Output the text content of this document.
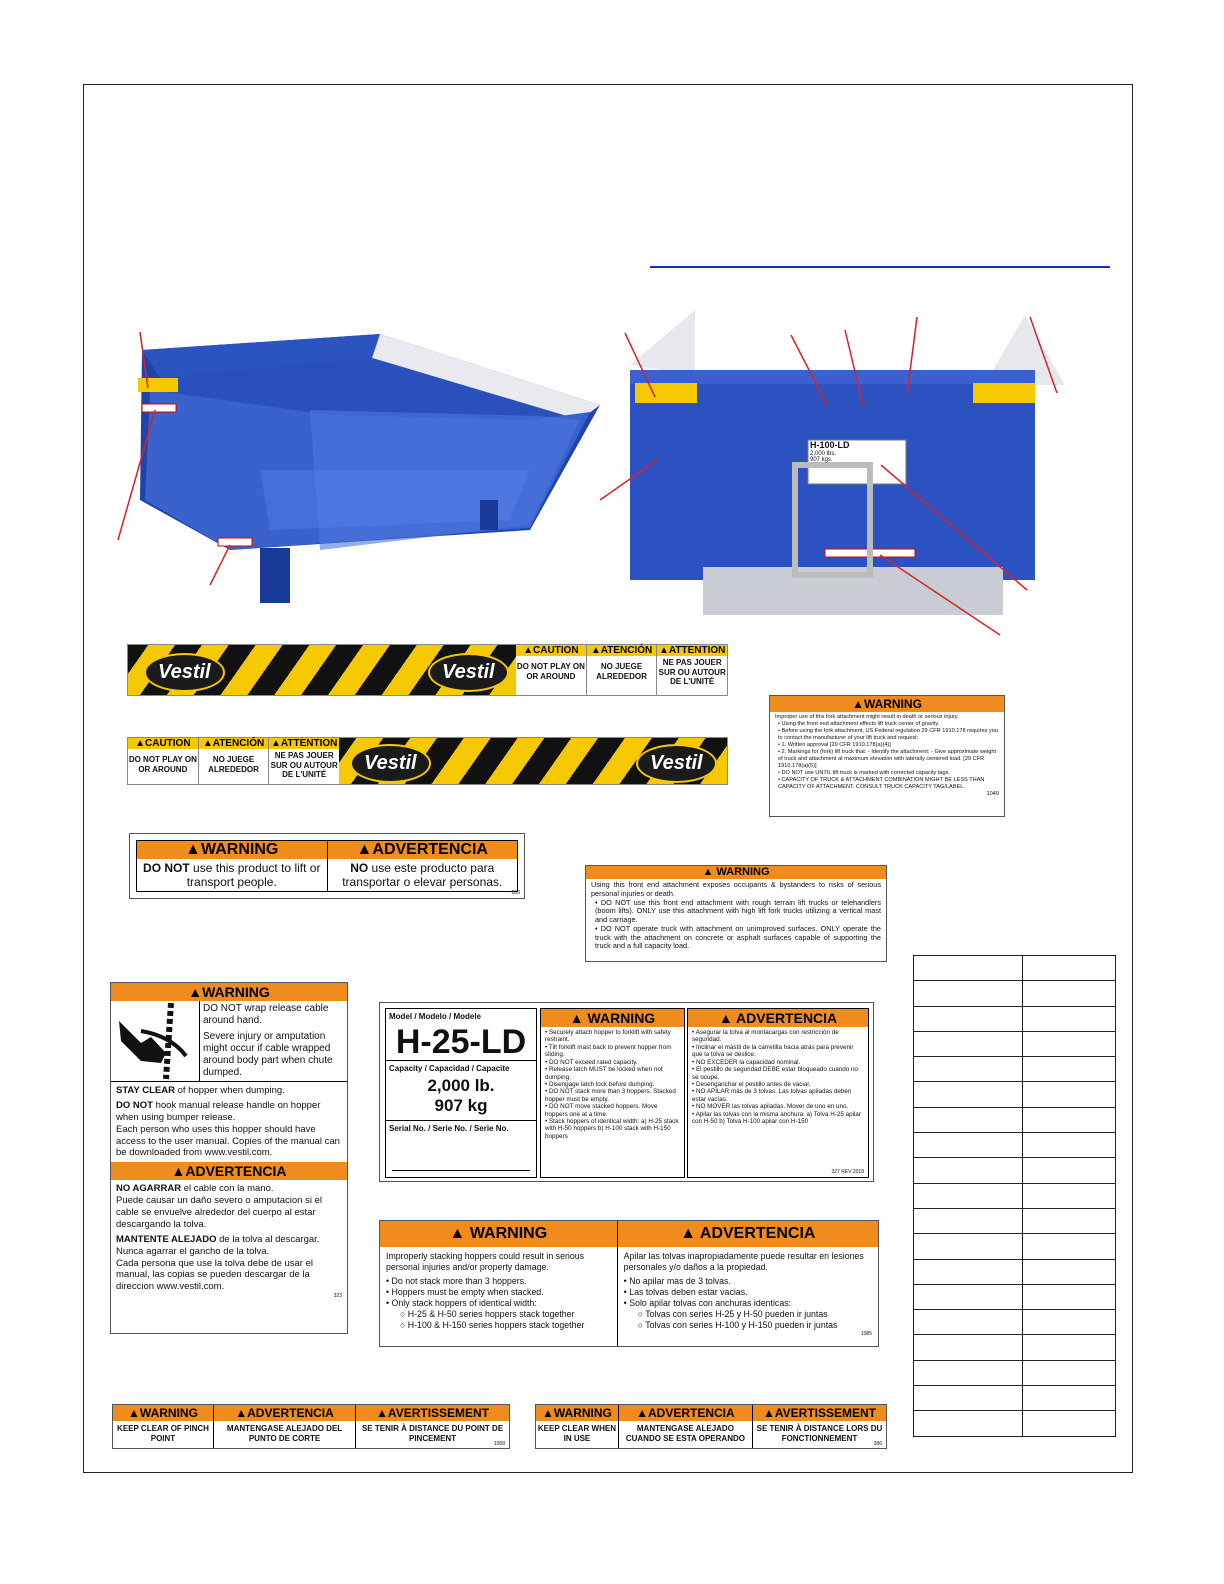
H-100-LD
2,000 lbs.
907 kgs.
Vestil	Vestil
▲CAUTION
DO NOT PLAY ON OR AROUND
▲ATENCIÓN
NO JUEGE ALREDEDOR
▲ATTENTION
NE PAS JOUER SUR OU AUTOUR DE L'UNITÉ
▲CAUTION
DO NOT PLAY ON OR AROUND
▲ATENCIÓN
NO JUEGE ALREDEDOR
▲ATTENTION
NE PAS JOUER SUR OU AUTOUR DE L'UNITÉ
Vestil	Vestil
▲WARNING
Improper use of this fork attachment might result in death or serious injury.
• Using the front end attachment effects lift truck center of gravity.
• Before using the fork attachment, US Federal regulation 29 CFR 1910.178 requires you to contact the manufacturer of your lift truck and request:
• 1. Written approval [29 CFR 1910.178(a)(4)]
• 2. Markings for (fork) lift truck that: - Identify the attachment; - Give approximate weight of truck and attachment at maximum elevation with laterally centered load. [29 CFR 1910.178(a)(5)]
• DO NOT use UNTIL lift truck is marked with corrected capacity tags.
• CAPACITY OF TRUCK & ATTACHMENT COMBINATION MIGHT BE LESS THAN CAPACITY OF ATTACHMENT. CONSULT TRUCK CAPACITY TAG/LABEL.
1049
▲WARNING
DO NOT use this product to lift or transport people.
▲ADVERTENCIA
NO use este producto para transportar o elevar personas.
003
▲ WARNING
Using this front end attachment exposes occupants & bystanders to risks of serious personal injuries or death.
• DO NOT use this front end attachment with rough terrain lift trucks or telehandlers (boom lifts). ONLY use this attachment with high lift fork trucks utilizing a vertical mast and carriage.
• DO NOT operate truck with attachment on unimproved surfaces. ONLY operate the truck with the attachment on concrete or asphalt surfaces capable of supporting the truck and a full capacity load.
▲WARNING
DO NOT wrap release cable around hand.
Severe injury or amputation might occur if cable wrapped around body part when chute dumped.
STAY CLEAR of hopper when dumping.
DO NOT hook manual release handle on hopper when using bumper release.
Each person who uses this hopper should have access to the user manual. Copies of the manual can be downloaded from www.vestil.com.
▲ADVERTENCIA
NO AGARRAR el cable con la mano.
Puede causar un daño severo o amputacion si el cable se envuelve alrededor del cuerpo al estar descargando la tolva.
MANTENTE ALEJADO de la tolva al descargar.
Nunca agarrar el gancho de la tolva.
Cada persona que use la tolva debe de usar el manual, las copias se pueden descargar de la direccion www.vestil.com.
323
Model / Modelo / Modele
H-25-LD
Capacity / Capacidad / Capacite
2,000 lb.
907 kg
Serial No. / Serie No. / Serie No.
▲ WARNING
• Securely attach hopper to forklift with safety restraint.
• Tilt forklift mast back to prevent hopper from sliding.
• DO NOT exceed rated capacity.
• Release latch MUST be locked when not dumping.
• Disengage latch lock before dumping.
• DO NOT stack more than 3 hoppers. Stacked hopper must be empty.
• DO NOT move stacked hoppers. Move hoppers one at a time.
• Stack hoppers of identical width: a) H-25 stack with H-50 hoppers b) H-100 stack with H-150 hoppers
▲ ADVERTENCIA
• Asegurar la tolva al montacargas con restricción de seguridad.
• Inclinar el mástil de la carretilla hacia atrás para prevenir que la tolva se deslice.
• NO EXCEDER la capacidad nominal.
• El pestillo de seguridad DEBE estar bloqueado cuando no se ocupe.
• Desenganchar el pestillo antes de vaciar.
• NO APILAR más de 3 tolvas. Las tolvas apiladas deben estar vacías.
• NO MOVER las tolvas apiladas. Mover de uno en uno.
• Apilar las tolvas con la misma anchura: a) Tolva H-25 apilar con H-50 b) Tolva H-100 apilar con H-150
327 REV 2018
▲ WARNING
Improperly stacking hoppers could result in serious personal injuries and/or property damage.
• Do not stack more than 3 hoppers.
• Hoppers must be empty when stacked.
• Only stack hoppers of identical width:
○ H-25 & H-50 series hoppers stack together
○ H-100 & H-150 series hoppers stack together
▲ ADVERTENCIA
Apilar las tolvas inapropiadamente puede resultar en lesiones personales y/o daños a la propiedad.
• No apilar mas de 3 tolvas.
• Las tolvas deben estar vacias.
• Solo apilar tolvas con anchuras identicas:
○ Tolvas con series H-25 y H-50 pueden ir juntas
○ Tolvas con series H-100 y H-150 pueden ir juntas
1085
▲WARNING
KEEP CLEAR OF PINCH POINT
▲ADVERTENCIA
MANTENGASE ALEJADO DEL PUNTO DE CORTE
▲AVERTISSEMENT
SE TENIR À DISTANCE DU POINT DE PINCEMENT
1068
▲WARNING
KEEP CLEAR WHEN IN USE
▲ADVERTENCIA
MANTENGASE ALEJADO CUANDO SE ESTA OPERANDO
▲AVERTISSEMENT
SE TENIR À DISTANCE LORS DU FONCTIONNEMENT
286
